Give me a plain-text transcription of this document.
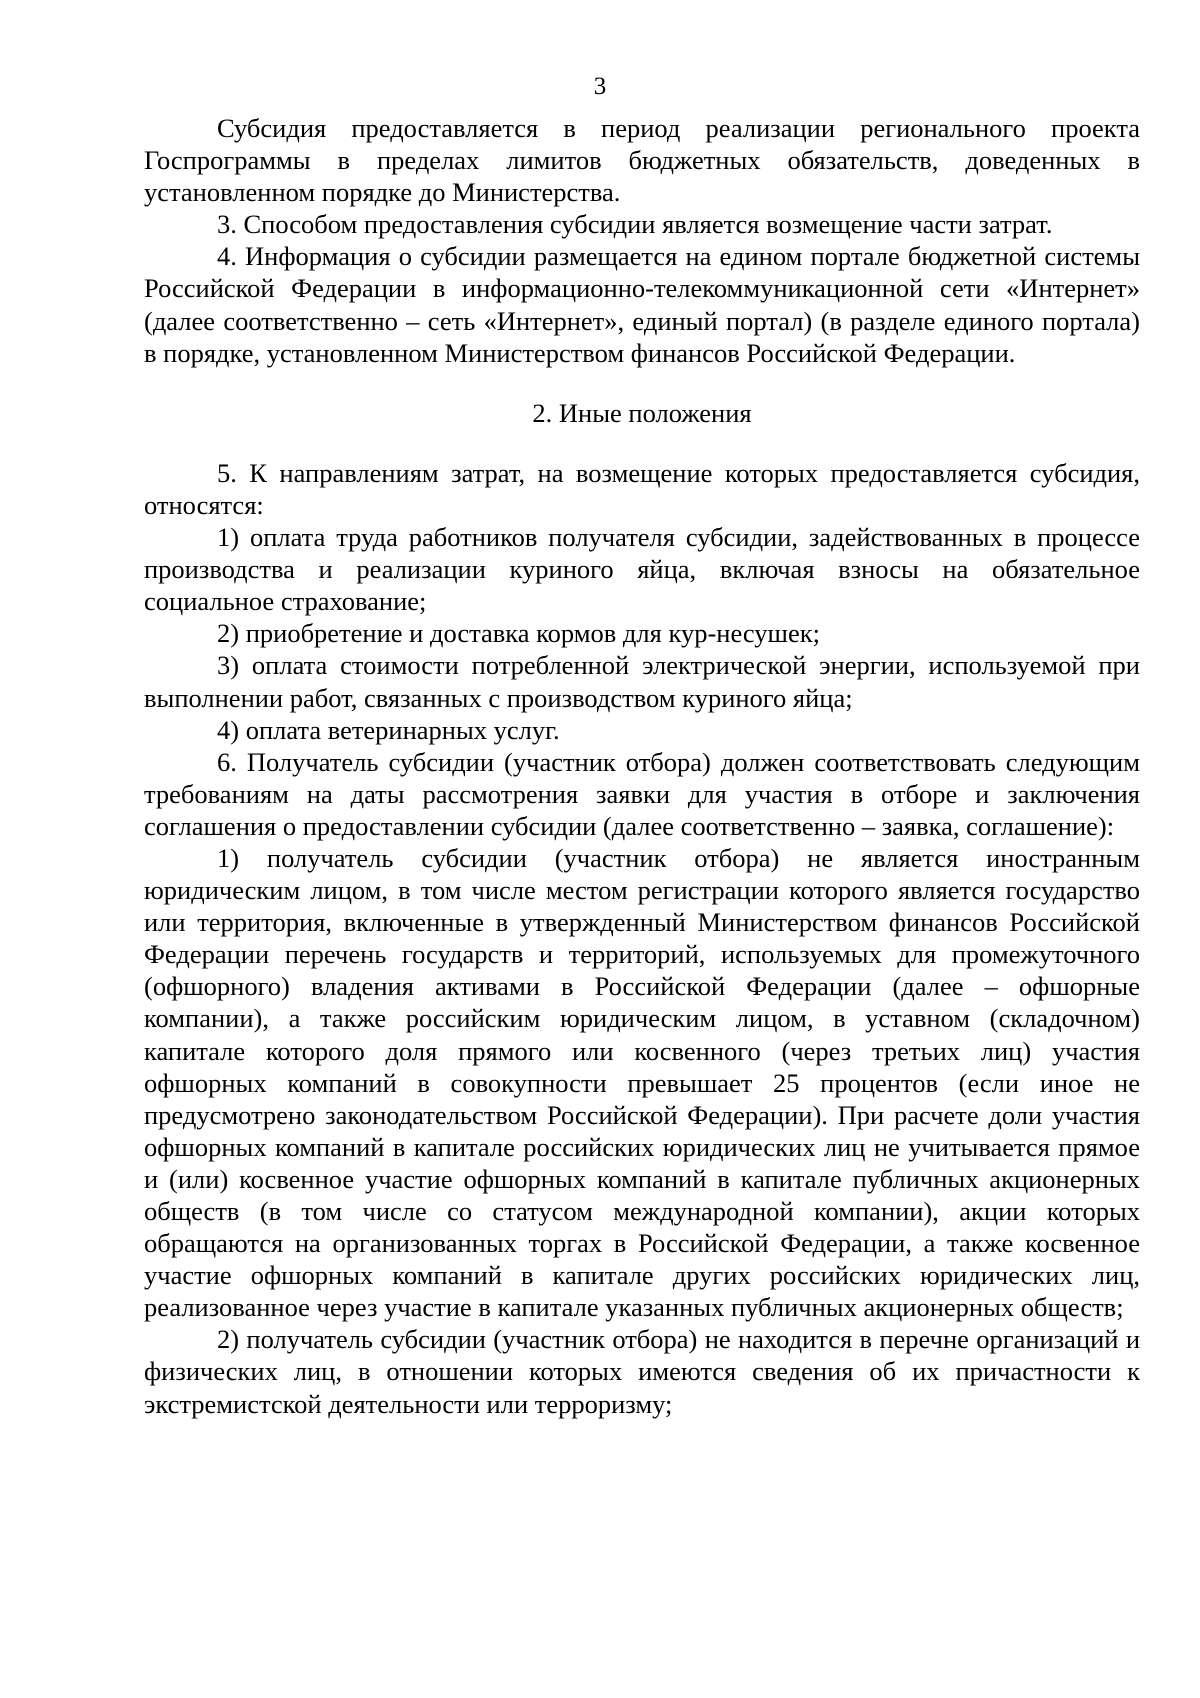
3

Субсидия предоставляется в период реализации регионального проекта Госпрограммы в пределах лимитов бюджетных обязательств, доведенных в установленном порядке до Министерства.

3. Способом предоставления субсидии является возмещение части затрат.

4. Информация о субсидии размещается на едином портале бюджетной системы Российской Федерации в информационно-телекоммуникационной сети «Интернет» (далее соответственно – сеть «Интернет», единый портал) (в разделе единого портала) в порядке, установленном Министерством финансов Российской Федерации.

2. Иные положения

5. К направлениям затрат, на возмещение которых предоставляется субсидия, относятся:

1) оплата труда работников получателя субсидии, задействованных в процессе производства и реализации куриного яйца, включая взносы на обязательное социальное страхование;

2) приобретение и доставка кормов для кур-несушек;

3) оплата стоимости потребленной электрической энергии, используемой при выполнении работ, связанных с производством куриного яйца;

4) оплата ветеринарных услуг.

6. Получатель субсидии (участник отбора) должен соответствовать следующим требованиям на даты рассмотрения заявки для участия в отборе и заключения соглашения о предоставлении субсидии (далее соответственно – заявка, соглашение):

1) получатель субсидии (участник отбора) не является иностранным юридическим лицом, в том числе местом регистрации которого является государство или территория, включенные в утвержденный Министерством финансов Российской Федерации перечень государств и территорий, используемых для промежуточного (офшорного) владения активами в Российской Федерации (далее – офшорные компании), а также российским юридическим лицом, в уставном (складочном) капитале которого доля прямого или косвенного (через третьих лиц) участия офшорных компаний в совокупности превышает 25 процентов (если иное не предусмотрено законодательством Российской Федерации). При расчете доли участия офшорных компаний в капитале российских юридических лиц не учитывается прямое и (или) косвенное участие офшорных компаний в капитале публичных акционерных обществ (в том числе со статусом международной компании), акции которых обращаются на организованных торгах в Российской Федерации, а также косвенное участие офшорных компаний в капитале других российских юридических лиц, реализованное через участие в капитале указанных публичных акционерных обществ;

2) получатель субсидии (участник отбора) не находится в перечне организаций и физических лиц, в отношении которых имеются сведения об их причастности к экстремистской деятельности или терроризму;
